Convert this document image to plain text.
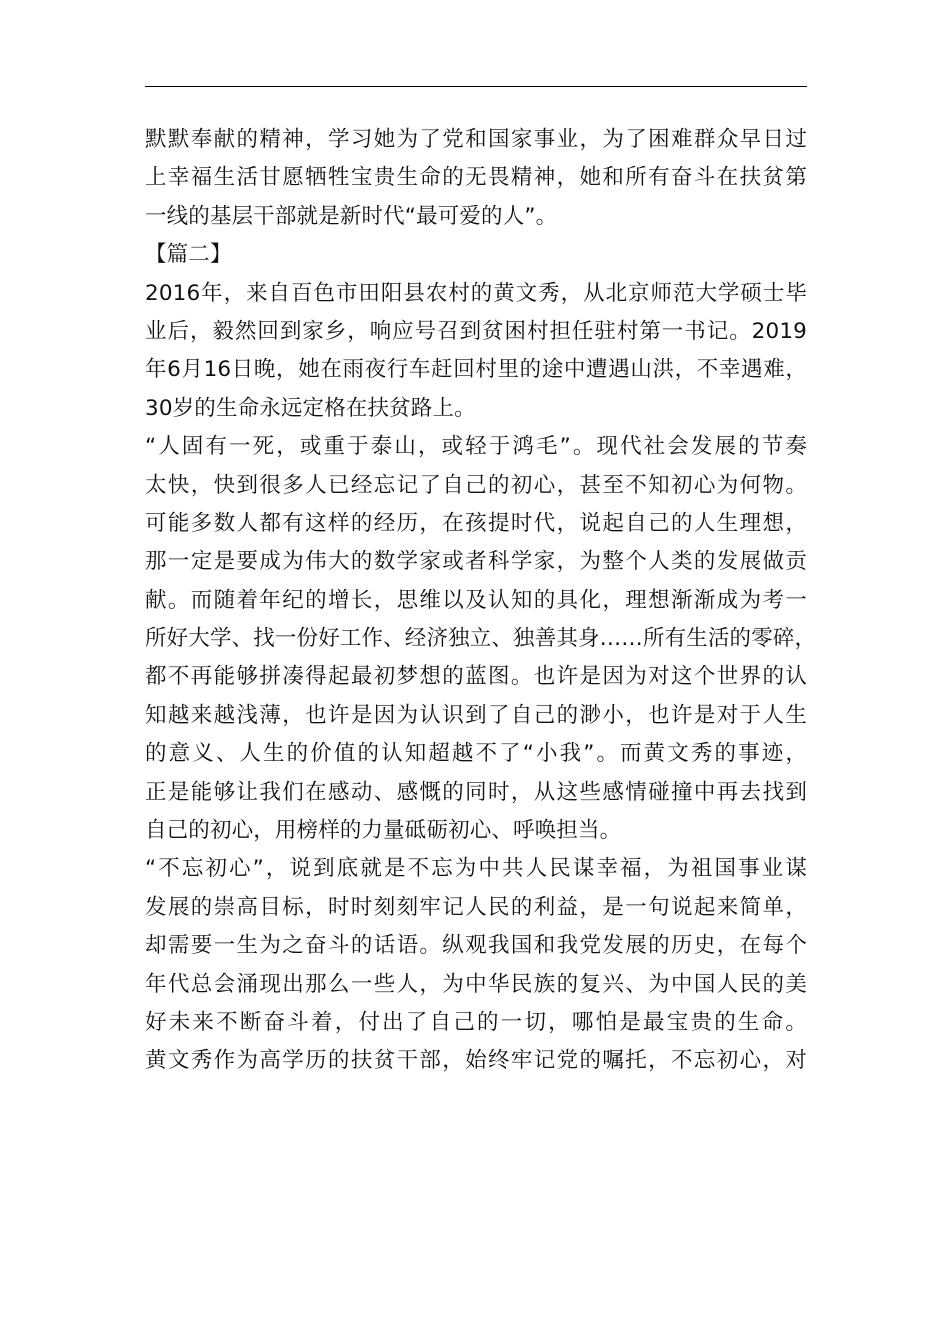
默默奉献的精神，学习她为了党和国家事业，为了困难群众早日过
上幸福生活甘愿牺牲宝贵生命的无畏精神，她和所有奋斗在扶贫第
一线的基层干部就是新时代“最可爱的人”。
【篇二】
2016年，来自百色市田阳县农村的黄文秀，从北京师范大学硕士毕
业后，毅然回到家乡，响应号召到贫困村担任驻村第一书记。2019
年6月16日晚，她在雨夜行车赶回村里的途中遭遇山洪，不幸遇难，
30岁的生命永远定格在扶贫路上。
“人固有一死，或重于泰山，或轻于鸿毛”。现代社会发展的节奏
太快，快到很多人已经忘记了自己的初心，甚至不知初心为何物。
可能多数人都有这样的经历，在孩提时代，说起自己的人生理想，
那一定是要成为伟大的数学家或者科学家，为整个人类的发展做贡
献。而随着年纪的增长，思维以及认知的具化，理想渐渐成为考一
所好大学、找一份好工作、经济独立、独善其身……所有生活的零碎，
都不再能够拼凑得起最初梦想的蓝图。也许是因为对这个世界的认
知越来越浅薄，也许是因为认识到了自己的渺小，也许是对于人生
的意义、人生的价值的认知超越不了“小我”。而黄文秀的事迹，
正是能够让我们在感动、感慨的同时，从这些感情碰撞中再去找到
自己的初心，用榜样的力量砥砺初心、呼唤担当。
“不忘初心”，说到底就是不忘为中共人民谋幸福，为祖国事业谋
发展的崇高目标，时时刻刻牢记人民的利益，是一句说起来简单，
却需要一生为之奋斗的话语。纵观我国和我党发展的历史，在每个
年代总会涌现出那么一些人，为中华民族的复兴、为中国人民的美
好未来不断奋斗着，付出了自己的一切，哪怕是最宝贵的生命。
黄文秀作为高学历的扶贫干部，始终牢记党的嘱托，不忘初心，对
